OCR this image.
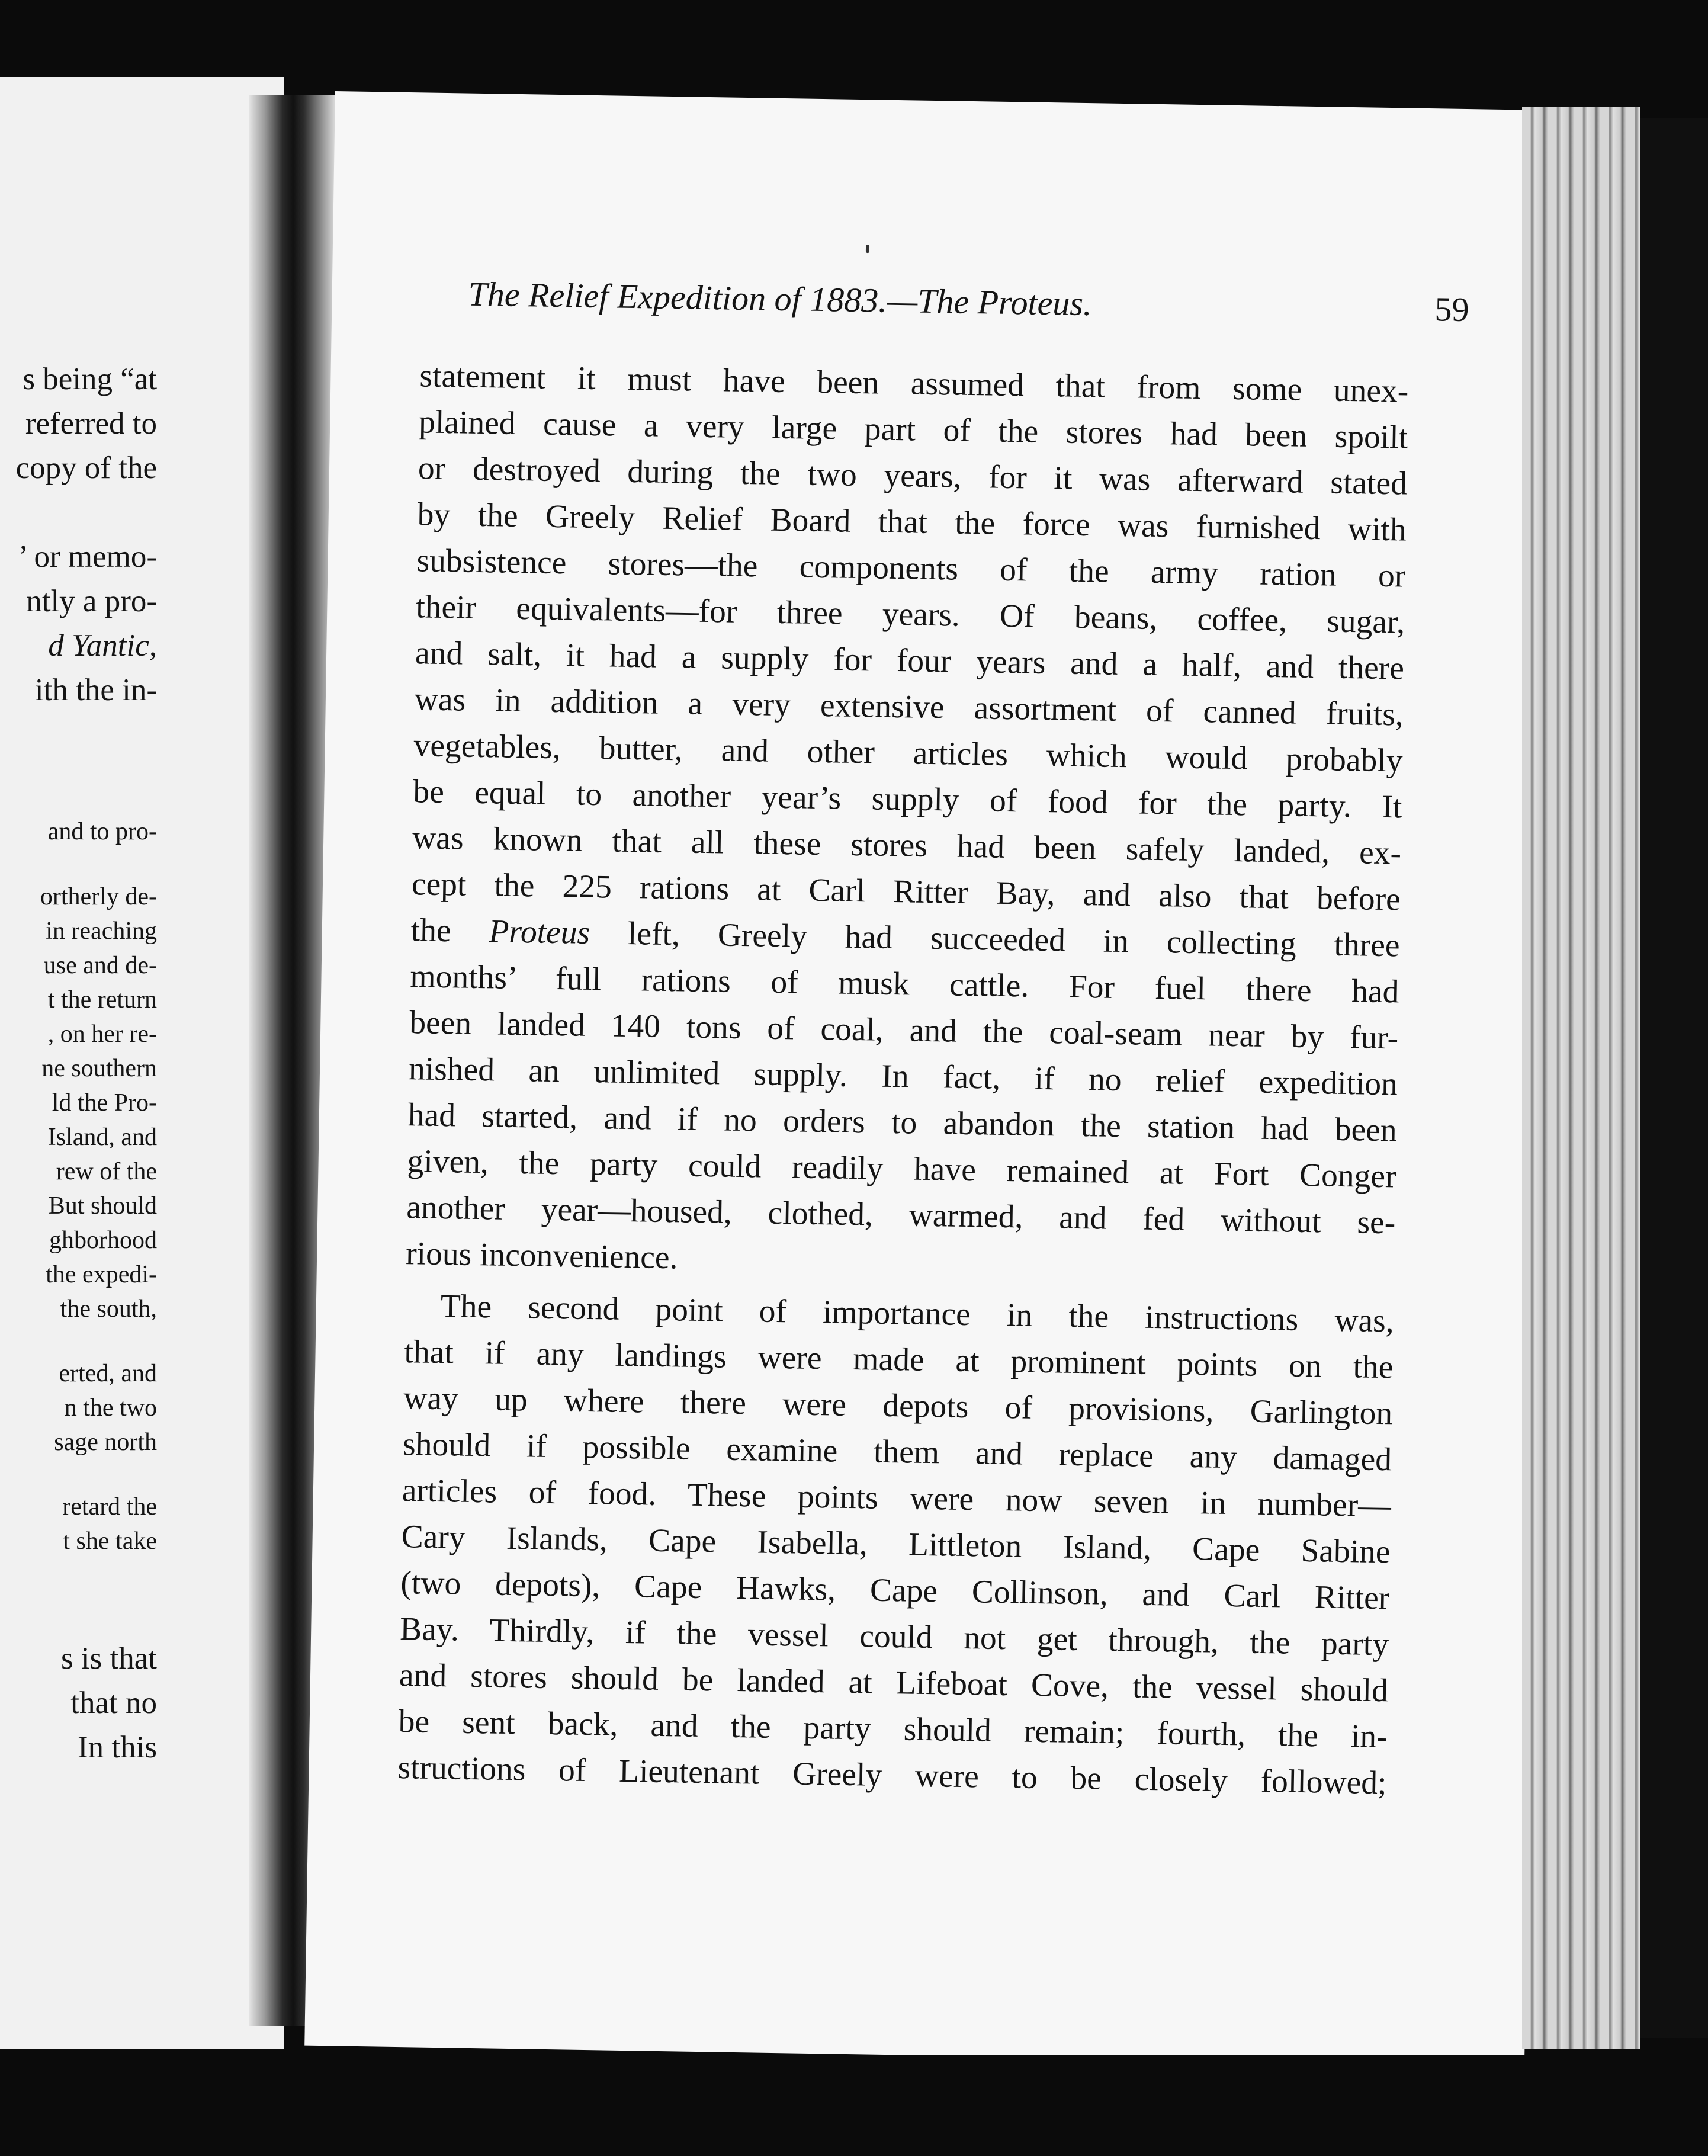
s being “at
referred to
copy of the
’ or memo-
ntly a pro-
d Yantic,
ith the in-
and to pro-
ortherly de-
in reaching
use and de-
t the return
, on her re-
ne southern
ld the Pro-
Island, and
rew of the
But should
ghborhood
the expedi-
the south,
erted, and
n the two
sage north
retard the
t she take
s is that
that no
In this
The Relief Expedition of 1883.—The Proteus.	59
statement it must have been assumed that from some unex-
plained cause a very large part of the stores had been spoilt
or destroyed during the two years, for it was afterward stated
by the Greely Relief Board that the force was furnished with
subsistence stores—the components of the army ration or
their equivalents—for three years. Of beans, coffee, sugar,
and salt, it had a supply for four years and a half, and there
was in addition a very extensive assortment of canned fruits,
vegetables, butter, and other articles which would probably
be equal to another year’s supply of food for the party. It
was known that all these stores had been safely landed, ex-
cept the 225 rations at Carl Ritter Bay, and also that before
the Proteus left, Greely had succeeded in collecting three
months’ full rations of musk cattle. For fuel there had
been landed 140 tons of coal, and the coal-seam near by fur-
nished an unlimited supply. In fact, if no relief expedition
had started, and if no orders to abandon the station had been
given, the party could readily have remained at Fort Conger
another year—housed, clothed, warmed, and fed without se-
rious inconvenience.
The second point of importance in the instructions was,
that if any landings were made at prominent points on the
way up where there were depots of provisions, Garlington
should if possible examine them and replace any damaged
articles of food. These points were now seven in number—
Cary Islands, Cape Isabella, Littleton Island, Cape Sabine
(two depots), Cape Hawks, Cape Collinson, and Carl Ritter
Bay. Thirdly, if the vessel could not get through, the party
and stores should be landed at Lifeboat Cove, the vessel should
be sent back, and the party should remain; fourth, the in-
structions of Lieutenant Greely were to be closely followed;
